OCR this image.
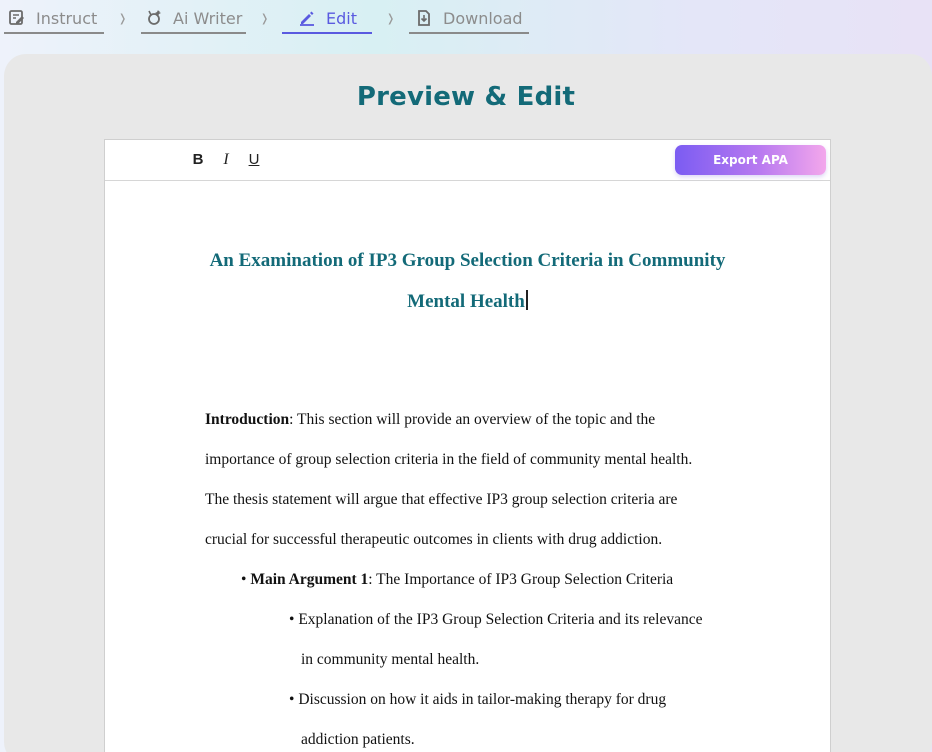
Instruct ❭	Ai Writer ❭	Edit	❭	Download
Preview & Edit
B	I	U	Export APA
An Examination of IP3 Group Selection Criteria in Community
Mental Health
Introduction: This section will provide an overview of the topic and the
importance of group selection criteria in the field of community mental health.
The thesis statement will argue that effective IP3 group selection criteria are
crucial for successful therapeutic outcomes in clients with drug addiction.
• Main Argument 1: The Importance of IP3 Group Selection Criteria
• Explanation of the IP3 Group Selection Criteria and its relevance
in community mental health.
• Discussion on how it aids in tailor-making therapy for drug
addiction patients.
